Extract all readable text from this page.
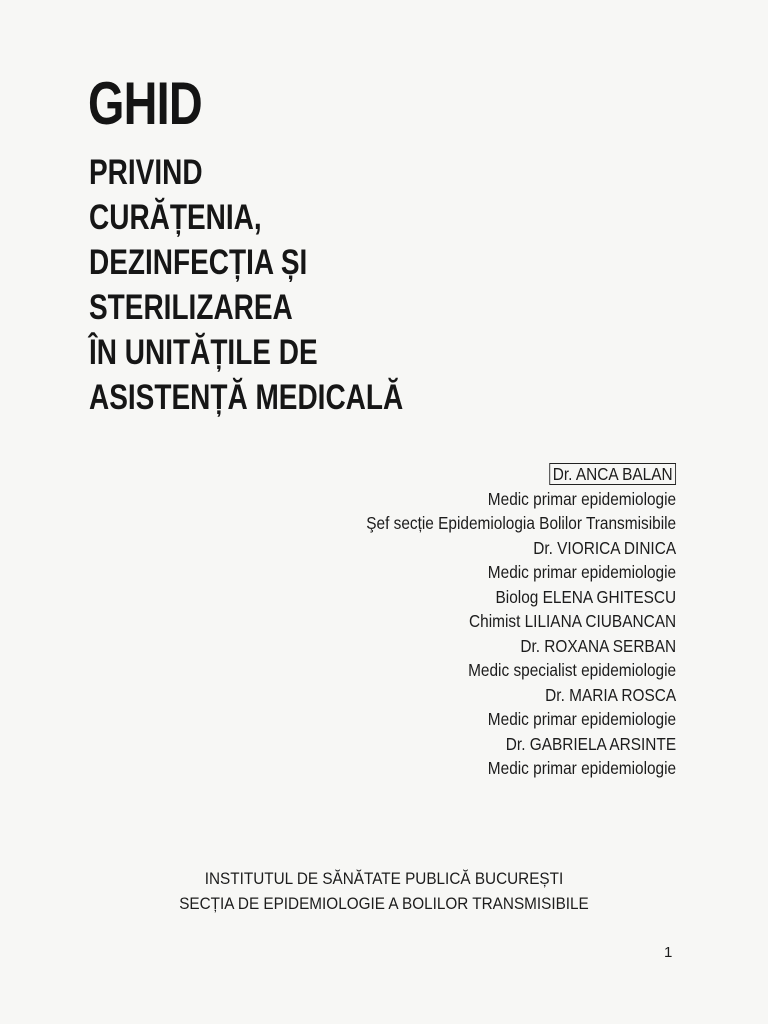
GHID
PRIVIND
CURĂȚENIA,
DEZINFECȚIA ȘI
STERILIZAREA
ÎN UNITĂȚILE DE
ASISTENȚĂ MEDICALĂ
Dr. ANCA BALAN
Medic primar epidemiologie
Şef secție Epidemiologia Bolilor Transmisibile
Dr. VIORICA DINICA
Medic primar epidemiologie
Biolog ELENA GHITESCU
Chimist LILIANA CIUBANCAN
Dr. ROXANA SERBAN
Medic specialist epidemiologie
Dr. MARIA ROSCA
Medic primar epidemiologie
Dr. GABRIELA ARSINTE
Medic primar epidemiologie
INSTITUTUL DE SĂNĂTATE PUBLICĂ BUCUREȘTI
SECȚIA DE EPIDEMIOLOGIE A BOLILOR TRANSMISIBILE
1
